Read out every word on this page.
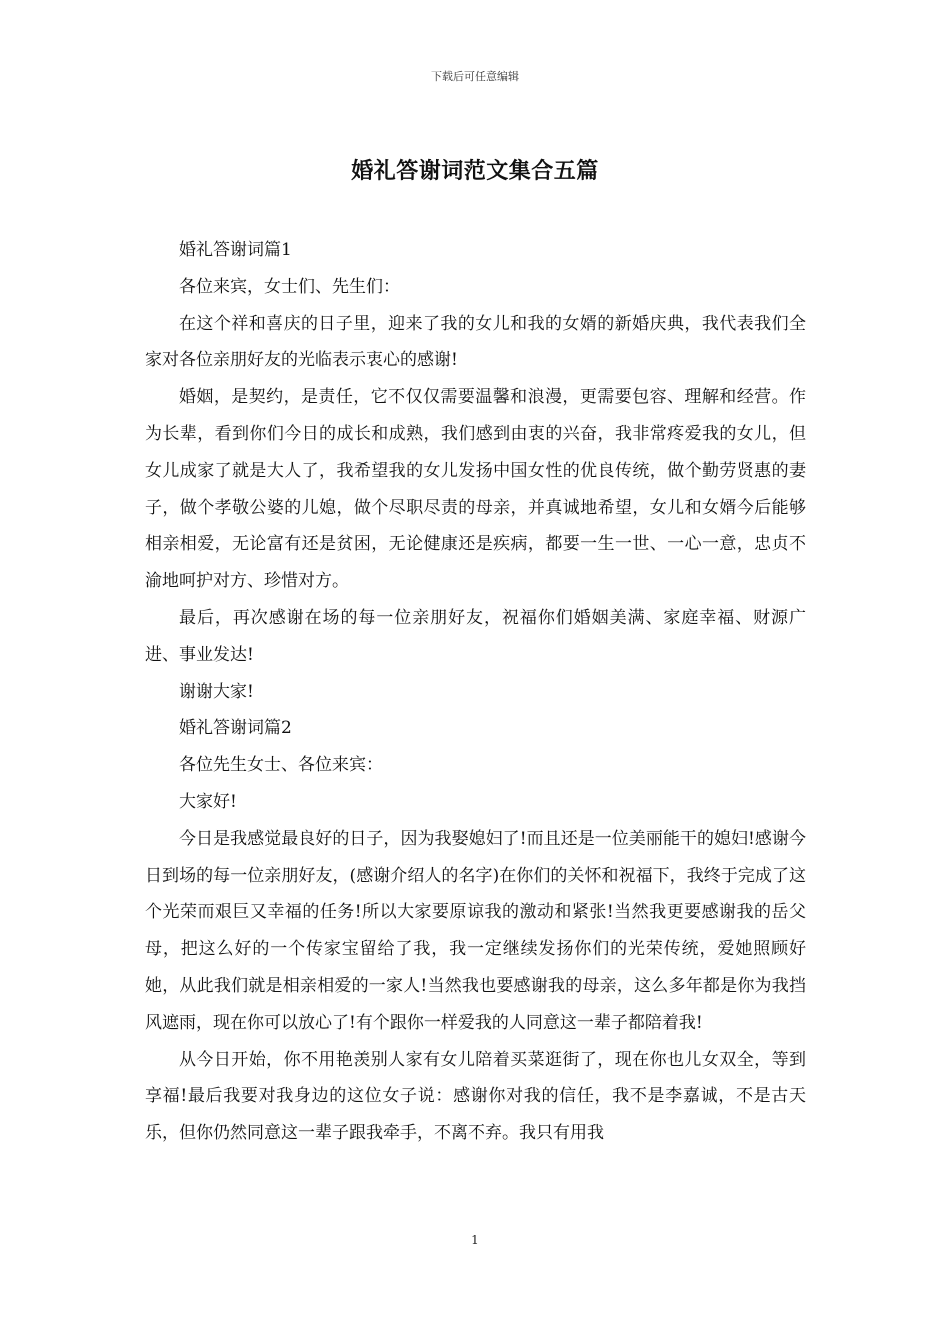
下载后可任意编辑
婚礼答谢词范文集合五篇

婚礼答谢词篇1

各位来宾，女士们、先生们：

在这个祥和喜庆的日子里，迎来了我的女儿和我的女婿的新婚庆典，我代表我们全家对各位亲朋好友的光临表示衷心的感谢!

婚姻，是契约，是责任，它不仅仅需要温馨和浪漫，更需要包容、理解和经营。作为长辈，看到你们今日的成长和成熟，我们感到由衷的兴奋，我非常疼爱我的女儿，但女儿成家了就是大人了，我希望我的女儿发扬中国女性的优良传统，做个勤劳贤惠的妻子，做个孝敬公婆的儿媳，做个尽职尽责的母亲，并真诚地希望，女儿和女婿今后能够相亲相爱，无论富有还是贫困，无论健康还是疾病，都要一生一世、一心一意，忠贞不渝地呵护对方、珍惜对方。

最后，再次感谢在场的每一位亲朋好友，祝福你们婚姻美满、家庭幸福、财源广进、事业发达!

谢谢大家!

婚礼答谢词篇2

各位先生女士、各位来宾：

大家好!

今日是我感觉最良好的日子，因为我娶媳妇了!而且还是一位美丽能干的媳妇!感谢今日到场的每一位亲朋好友，(感谢介绍人的名字)在你们的关怀和祝福下，我终于完成了这个光荣而艰巨又幸福的任务!所以大家要原谅我的激动和紧张!当然我更要感谢我的岳父母，把这么好的一个传家宝留给了我，我一定继续发扬你们的光荣传统，爱她照顾好她，从此我们就是相亲相爱的一家人!当然我也要感谢我的母亲，这么多年都是你为我挡风遮雨，现在你可以放心了!有个跟你一样爱我的人同意这一辈子都陪着我!

从今日开始，你不用艳羡别人家有女儿陪着买菜逛街了，现在你也儿女双全，等到享福!最后我要对我身边的这位女子说：感谢你对我的信任，我不是李嘉诚，不是古天乐，但你仍然同意这一辈子跟我牵手，不离不弃。我只有用我

1
